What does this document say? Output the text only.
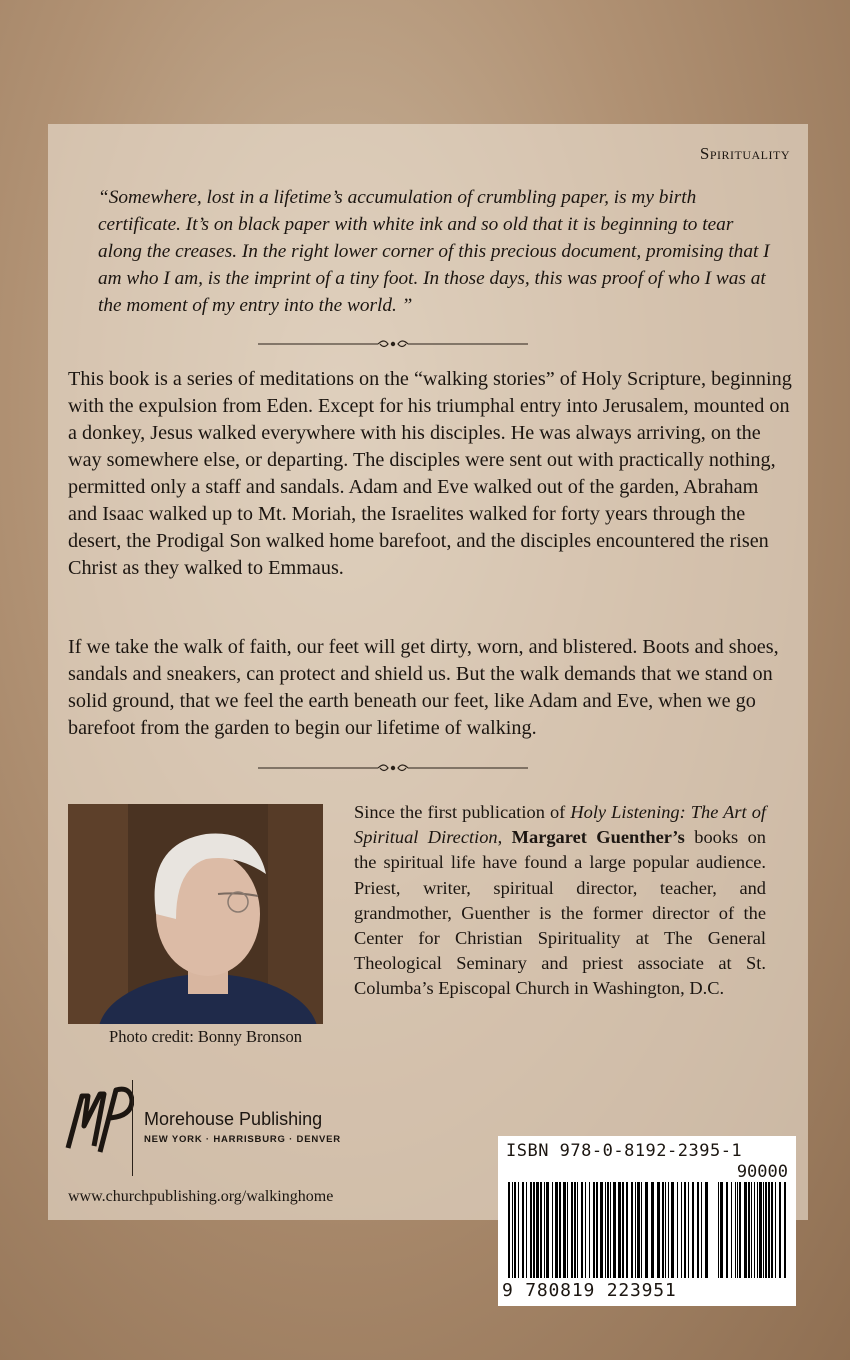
Spirituality
“Somewhere, lost in a lifetime’s accumulation of crumbling paper, is my birth certificate. It’s on black paper with white ink and so old that it is beginning to tear along the creases. In the right lower corner of this precious document, promising that I am who I am, is the imprint of a tiny foot. In those days, this was proof of who I was at the moment of my entry into the world. ”

This book is a series of meditations on the “walking stories” of Holy Scripture, beginning with the expulsion from Eden. Except for his triumphal entry into Jerusalem, mounted on a donkey, Jesus walked everywhere with his disciples. He was always arriving, on the way somewhere else, or departing. The disciples were sent out with practically nothing, permitted only a staff and sandals. Adam and Eve walked out of the garden, Abraham and Isaac walked up to Mt. Moriah, the Israelites walked for forty years through the desert, the Prodigal Son walked home barefoot, and the disciples encountered the risen Christ as they walked to Emmaus.

If we take the walk of faith, our feet will get dirty, worn, and blistered. Boots and shoes, sandals and sneakers, can protect and shield us. But the walk demands that we stand on solid ground, that we feel the earth beneath our feet, like Adam and Eve, when we go barefoot from the garden to begin our lifetime of walking.

Photo credit: Bonny Bronson

Since the first publication of Holy Listening: The Art of Spiritual Direction, Margaret Guenther’s books on the spiritual life have found a large popular audience. Priest, writer, spiritual director, teacher, and grandmother, Guenther is the former director of the Center for Christian Spirituality at The General Theological Seminary and priest associate at St. Columba’s Episcopal Church in Washington, D.C.

Morehouse Publishing
NEW YORK · HARRISBURG · DENVER
www.churchpublishing.org/walkinghome
ISBN 978-0-8192-2395-1
90000
9 780819 223951
